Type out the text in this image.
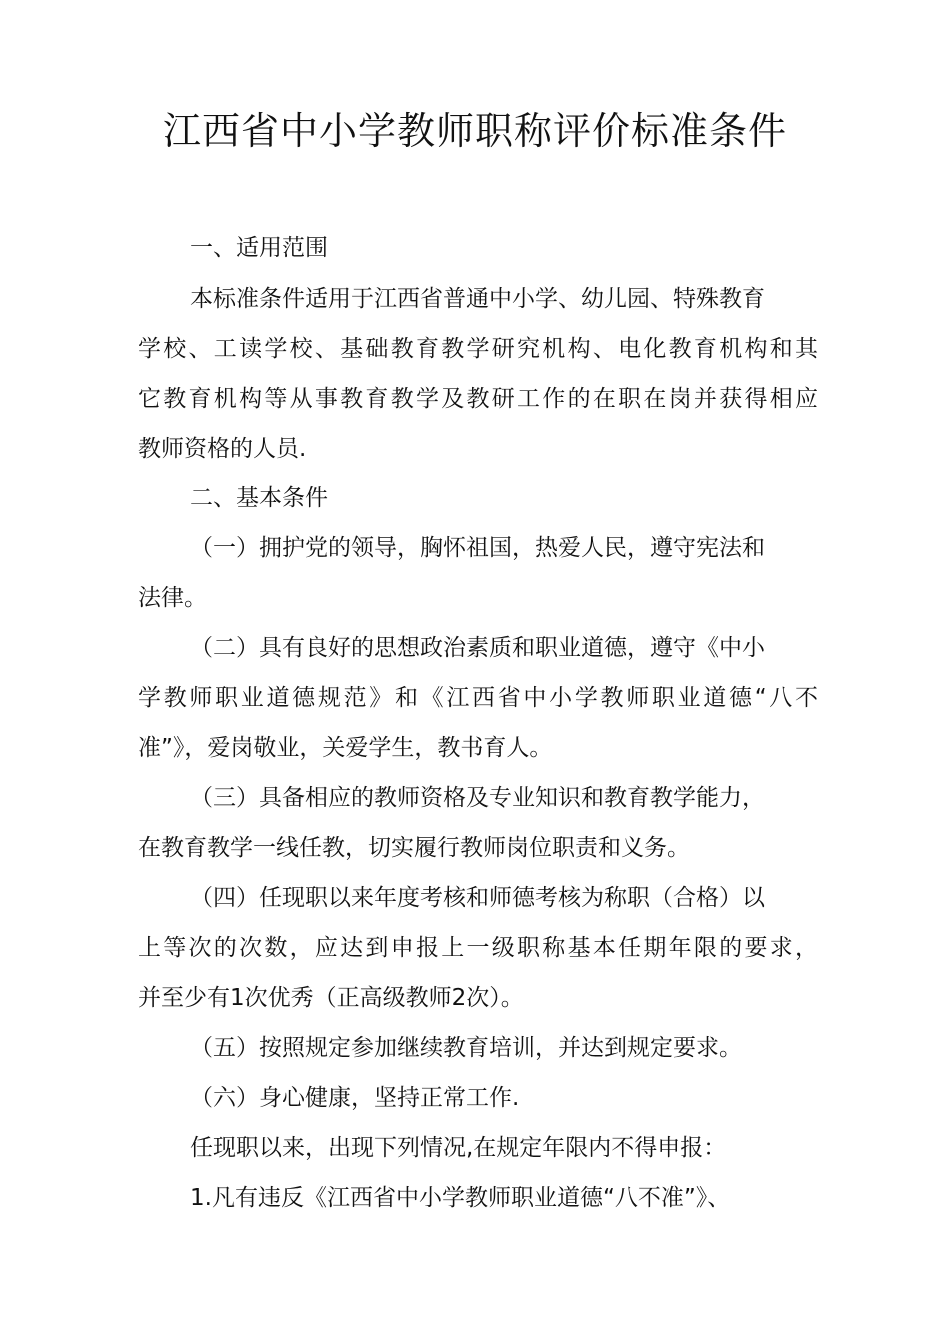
江西省中小学教师职称评价标准条件
一、适用范围
本标准条件适用于江西省普通中小学、幼儿园、特殊教育
学校、工读学校、基础教育教学研究机构、电化教育机构和其
它教育机构等从事教育教学及教研工作的在职在岗并获得相应
教师资格的人员.
二、基本条件
（一）拥护党的领导，胸怀祖国，热爱人民，遵守宪法和
法律。
（二）具有良好的思想政治素质和职业道德，遵守《中小
学教师职业道德规范》和《江西省中小学教师职业道德“八不
准”》，爱岗敬业，关爱学生，教书育人。
（三）具备相应的教师资格及专业知识和教育教学能力，
在教育教学一线任教，切实履行教师岗位职责和义务。
（四）任现职以来年度考核和师德考核为称职（合格）以
上等次的次数，应达到申报上一级职称基本任期年限的要求，
并至少有1次优秀（正高级教师2次）。
（五）按照规定参加继续教育培训，并达到规定要求。
（六）身心健康，坚持正常工作.
任现职以来，出现下列情况,在规定年限内不得申报：
1.凡有违反《江西省中小学教师职业道德“八不准”》、
